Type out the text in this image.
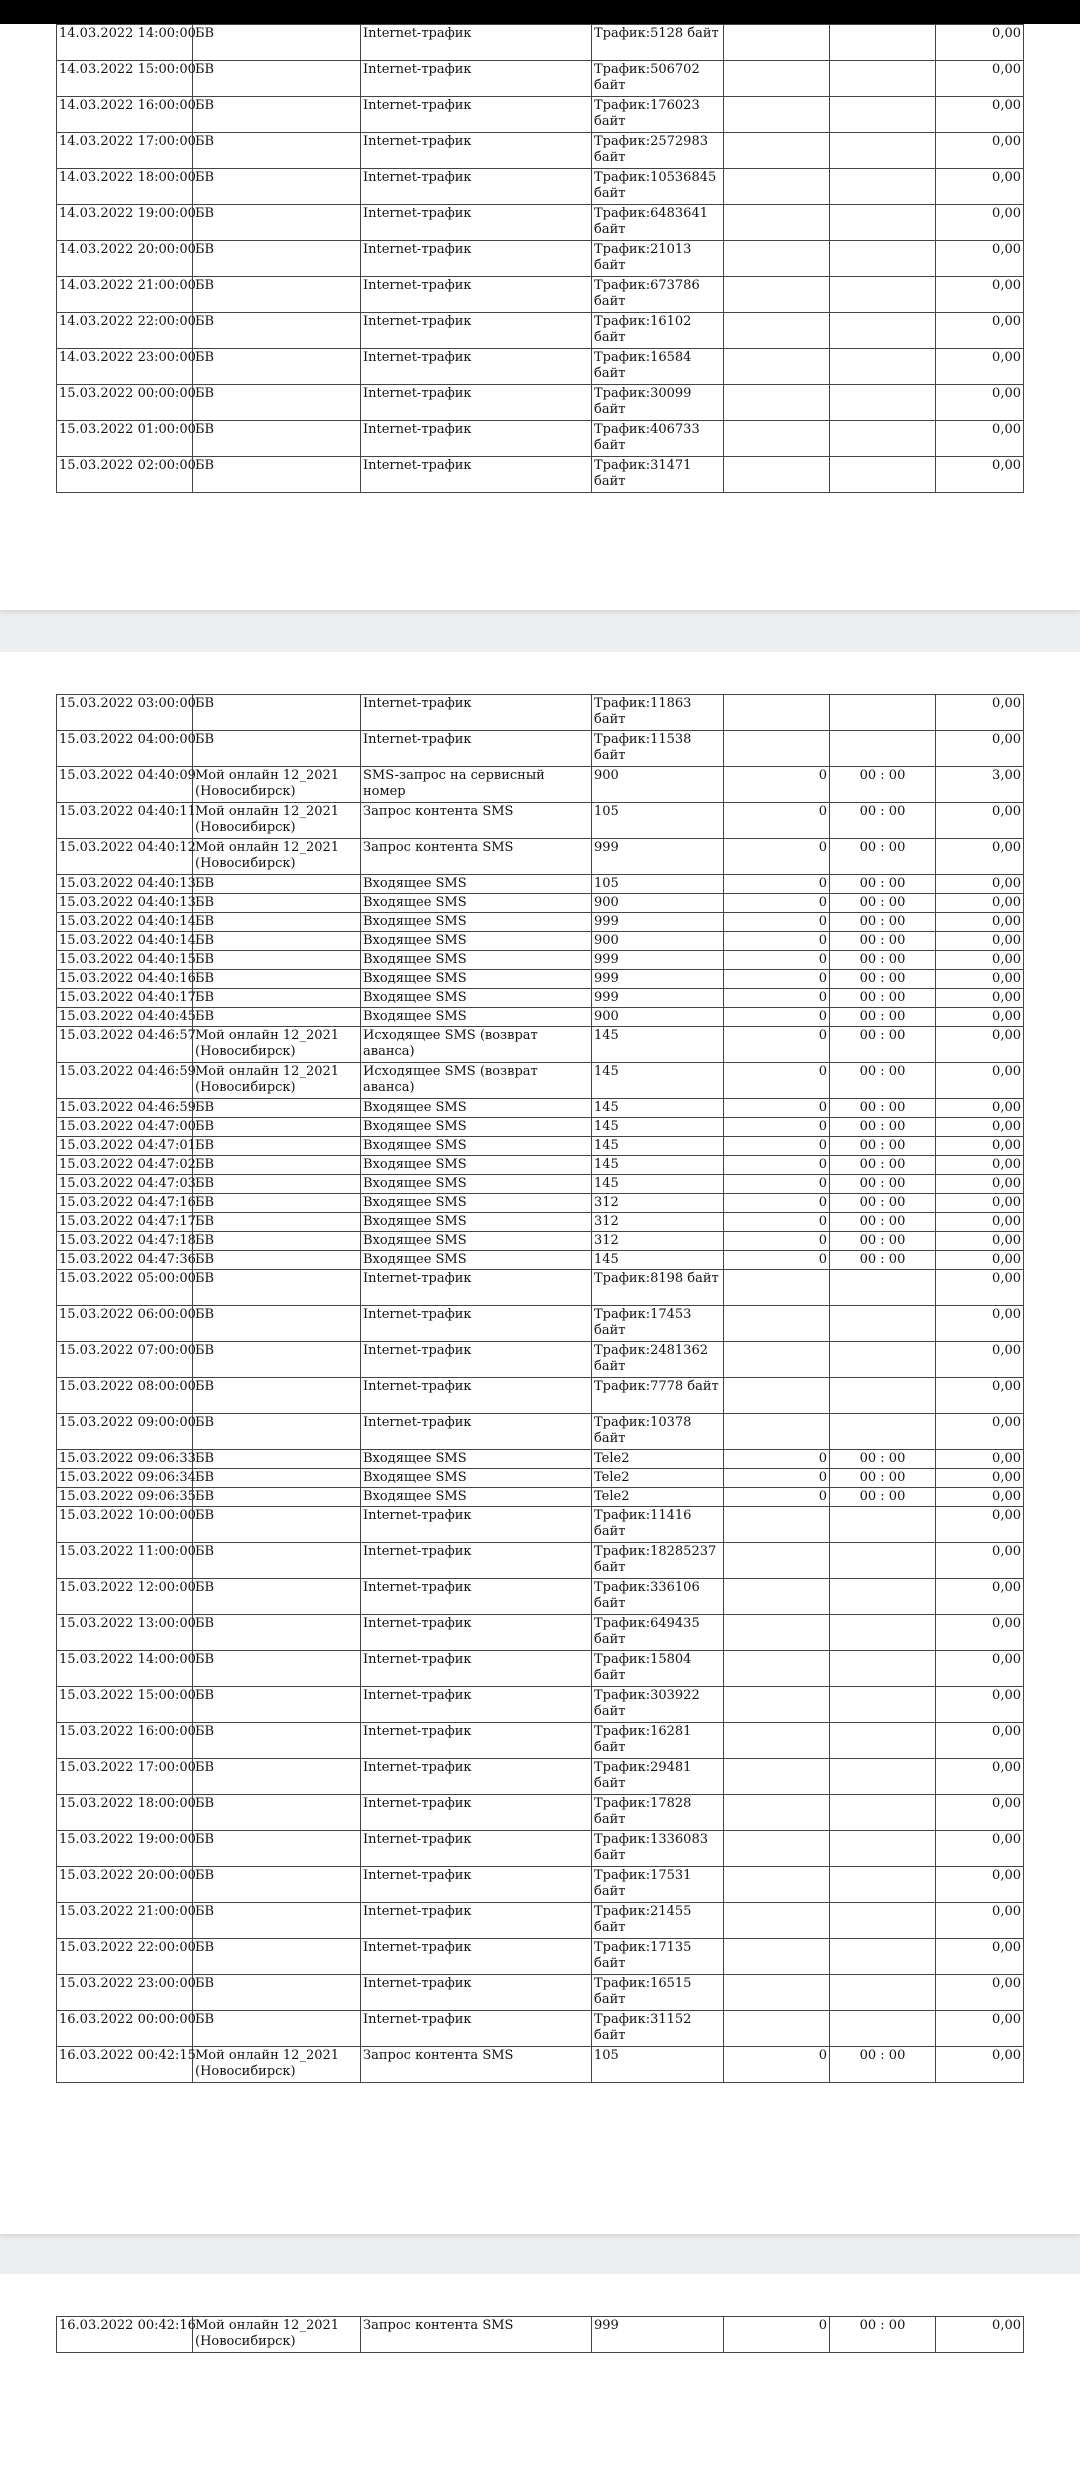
14.03.2022 14:00:00	БВ	Internet-трафик	Трафик:5128 байт			0,00
14.03.2022 15:00:00	БВ	Internet-трафик	Трафик:506702 байт			0,00
14.03.2022 16:00:00	БВ	Internet-трафик	Трафик:176023 байт			0,00
14.03.2022 17:00:00	БВ	Internet-трафик	Трафик:2572983 байт			0,00
14.03.2022 18:00:00	БВ	Internet-трафик	Трафик:10536845 байт			0,00
14.03.2022 19:00:00	БВ	Internet-трафик	Трафик:6483641 байт			0,00
14.03.2022 20:00:00	БВ	Internet-трафик	Трафик:21013 байт			0,00
14.03.2022 21:00:00	БВ	Internet-трафик	Трафик:673786 байт			0,00
14.03.2022 22:00:00	БВ	Internet-трафик	Трафик:16102 байт			0,00
14.03.2022 23:00:00	БВ	Internet-трафик	Трафик:16584 байт			0,00
15.03.2022 00:00:00	БВ	Internet-трафик	Трафик:30099 байт			0,00
15.03.2022 01:00:00	БВ	Internet-трафик	Трафик:406733 байт			0,00
15.03.2022 02:00:00	БВ	Internet-трафик	Трафик:31471 байт			0,00
15.03.2022 03:00:00	БВ	Internet-трафик	Трафик:11863 байт			0,00
15.03.2022 04:00:00	БВ	Internet-трафик	Трафик:11538 байт			0,00
15.03.2022 04:40:09	Мой онлайн 12_2021 (Новосибирск)	SMS-запрос на сервисный номер	900	0	00 : 00	3,00
15.03.2022 04:40:11	Мой онлайн 12_2021 (Новосибирск)	Запрос контента SMS	105	0	00 : 00	0,00
15.03.2022 04:40:12	Мой онлайн 12_2021 (Новосибирск)	Запрос контента SMS	999	0	00 : 00	0,00
15.03.2022 04:40:13	БВ	Входящее SMS	105	0	00 : 00	0,00
15.03.2022 04:40:13	БВ	Входящее SMS	900	0	00 : 00	0,00
15.03.2022 04:40:14	БВ	Входящее SMS	999	0	00 : 00	0,00
15.03.2022 04:40:14	БВ	Входящее SMS	900	0	00 : 00	0,00
15.03.2022 04:40:15	БВ	Входящее SMS	999	0	00 : 00	0,00
15.03.2022 04:40:16	БВ	Входящее SMS	999	0	00 : 00	0,00
15.03.2022 04:40:17	БВ	Входящее SMS	999	0	00 : 00	0,00
15.03.2022 04:40:45	БВ	Входящее SMS	900	0	00 : 00	0,00
15.03.2022 04:46:57	Мой онлайн 12_2021 (Новосибирск)	Исходящее SMS (возврат аванса)	145	0	00 : 00	0,00
15.03.2022 04:46:59	Мой онлайн 12_2021 (Новосибирск)	Исходящее SMS (возврат аванса)	145	0	00 : 00	0,00
15.03.2022 04:46:59	БВ	Входящее SMS	145	0	00 : 00	0,00
15.03.2022 04:47:00	БВ	Входящее SMS	145	0	00 : 00	0,00
15.03.2022 04:47:01	БВ	Входящее SMS	145	0	00 : 00	0,00
15.03.2022 04:47:02	БВ	Входящее SMS	145	0	00 : 00	0,00
15.03.2022 04:47:03	БВ	Входящее SMS	145	0	00 : 00	0,00
15.03.2022 04:47:16	БВ	Входящее SMS	312	0	00 : 00	0,00
15.03.2022 04:47:17	БВ	Входящее SMS	312	0	00 : 00	0,00
15.03.2022 04:47:18	БВ	Входящее SMS	312	0	00 : 00	0,00
15.03.2022 04:47:36	БВ	Входящее SMS	145	0	00 : 00	0,00
15.03.2022 05:00:00	БВ	Internet-трафик	Трафик:8198 байт			0,00
15.03.2022 06:00:00	БВ	Internet-трафик	Трафик:17453 байт			0,00
15.03.2022 07:00:00	БВ	Internet-трафик	Трафик:2481362 байт			0,00
15.03.2022 08:00:00	БВ	Internet-трафик	Трафик:7778 байт			0,00
15.03.2022 09:00:00	БВ	Internet-трафик	Трафик:10378 байт			0,00
15.03.2022 09:06:33	БВ	Входящее SMS	Tele2	0	00 : 00	0,00
15.03.2022 09:06:34	БВ	Входящее SMS	Tele2	0	00 : 00	0,00
15.03.2022 09:06:35	БВ	Входящее SMS	Tele2	0	00 : 00	0,00
15.03.2022 10:00:00	БВ	Internet-трафик	Трафик:11416 байт			0,00
15.03.2022 11:00:00	БВ	Internet-трафик	Трафик:18285237 байт			0,00
15.03.2022 12:00:00	БВ	Internet-трафик	Трафик:336106 байт			0,00
15.03.2022 13:00:00	БВ	Internet-трафик	Трафик:649435 байт			0,00
15.03.2022 14:00:00	БВ	Internet-трафик	Трафик:15804 байт			0,00
15.03.2022 15:00:00	БВ	Internet-трафик	Трафик:303922 байт			0,00
15.03.2022 16:00:00	БВ	Internet-трафик	Трафик:16281 байт			0,00
15.03.2022 17:00:00	БВ	Internet-трафик	Трафик:29481 байт			0,00
15.03.2022 18:00:00	БВ	Internet-трафик	Трафик:17828 байт			0,00
15.03.2022 19:00:00	БВ	Internet-трафик	Трафик:1336083 байт			0,00
15.03.2022 20:00:00	БВ	Internet-трафик	Трафик:17531 байт			0,00
15.03.2022 21:00:00	БВ	Internet-трафик	Трафик:21455 байт			0,00
15.03.2022 22:00:00	БВ	Internet-трафик	Трафик:17135 байт			0,00
15.03.2022 23:00:00	БВ	Internet-трафик	Трафик:16515 байт			0,00
16.03.2022 00:00:00	БВ	Internet-трафик	Трафик:31152 байт			0,00
16.03.2022 00:42:15	Мой онлайн 12_2021 (Новосибирск)	Запрос контента SMS	105	0	00 : 00	0,00
16.03.2022 00:42:16	Мой онлайн 12_2021 (Новосибирск)	Запрос контента SMS	999	0	00 : 00	0,00
